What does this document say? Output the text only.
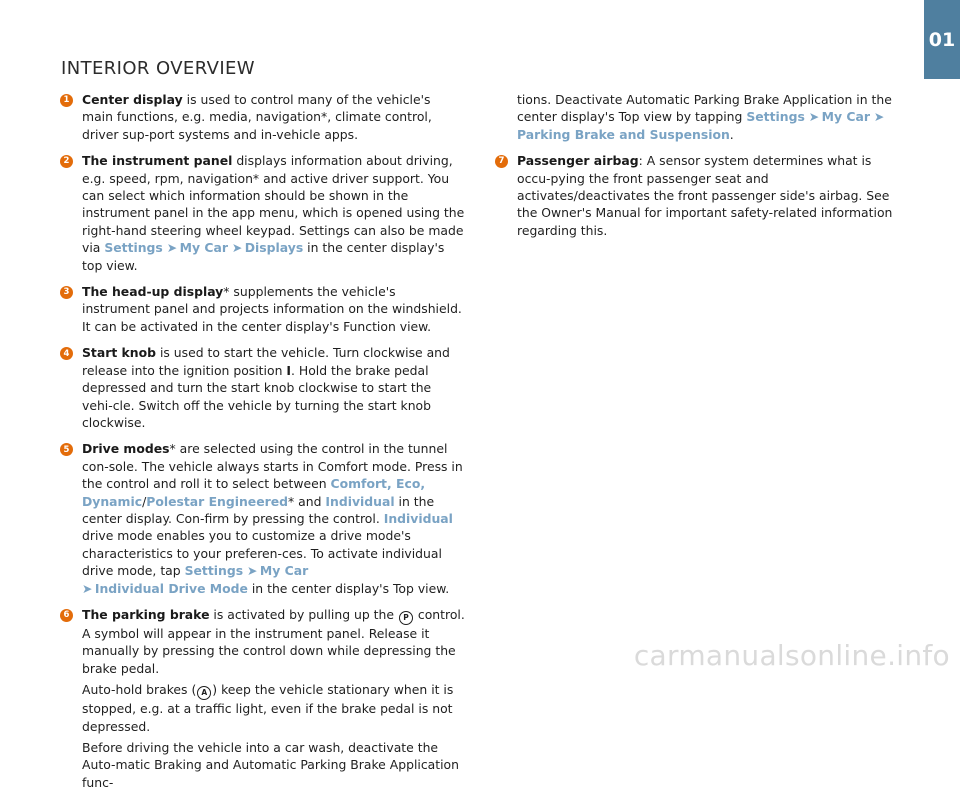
01
INTERIOR OVERVIEW
1 Center display is used to control many of the vehicle's main functions, e.g. media, navigation*, climate control, driver sup-port systems and in-vehicle apps.
2 The instrument panel displays information about driving, e.g. speed, rpm, navigation* and active driver support. You can select which information should be shown in the instrument panel in the app menu, which is opened using the right-hand steering wheel keypad. Settings can also be made via Settings ➤  My Car ➤  Displays in the center display's top view.
3 The head-up display* supplements the vehicle's instrument panel and projects information on the windshield. It can be activated in the center display's Function view.
4 Start knob is used to start the vehicle. Turn clockwise and release into the ignition position I. Hold the brake pedal depressed and turn the start knob clockwise to start the vehi-cle. Switch off the vehicle by turning the start knob clockwise.
5 Drive modes* are selected using the control in the tunnel con-sole. The vehicle always starts in Comfort mode. Press in the control and roll it to select between Comfort, Eco, Dynamic/Polestar Engineered* and Individual in the center display. Con-firm by pressing the control. Individual drive mode enables you to customize a drive mode's characteristics to your preferen-ces. To activate individual drive mode, tap Settings ➤  My Car
➤  Individual Drive Mode in the center display's Top view.
6 The parking brake is activated by pulling up the P control. A symbol will appear in the instrument panel. Release it manually by pressing the control down while depressing the brake pedal.
Auto-hold brakes ( A ) keep the vehicle stationary when it is stopped, e.g. at a traffic light, even if the brake pedal is not depressed.
Before driving the vehicle into a car wash, deactivate the Auto-matic Braking and Automatic Parking Brake Application func-
tions. Deactivate Automatic Parking Brake Application in the center display's Top view by tapping Settings ➤  My Car ➤
Parking Brake and Suspension.
7 Passenger airbag: A sensor system determines what is occu-pying the front passenger seat and activates/deactivates the front passenger side's airbag. See the Owner's Manual for important safety-related information regarding this.
carmanualsonline.info
